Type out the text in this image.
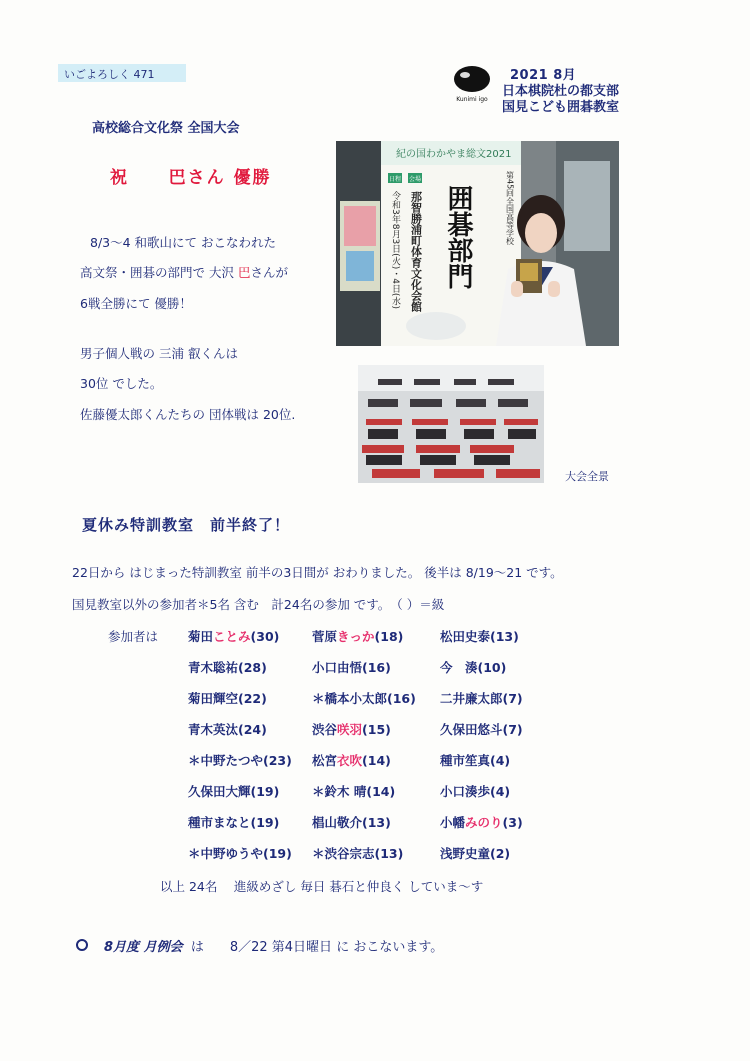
いごよろしく 471
Kunimi igo
2021 8月
日本棋院杜の都支部
国見こども囲碁教室
高校総合文化祭 全国大会
祝 巴さん 優勝
8/3～4 和歌山にて おこなわれた
高文祭・囲碁の部門で 大沢 巴さんが
6戦全勝にて 優勝！
男子個人戦の 三浦 叡くんは
30位 でした。
佐藤優太郎くんたちの 団体戦は 20位.
紀の国わかやま総文2021
日程 会場
令和3年8月3日(火)・4日(水) 那智勝浦町体育文化会館	第45回全国高等学校
囲碁部門
大会全景
夏休み特訓教室　前半終了！
22日から はじまった特訓教室 前半の3日間が おわりました。 後半は 8/19～21 です。
国見教室以外の参加者＊5名 含む　計24名の参加 です。　（ ）＝級
参加者は 菊田ことみ(30)	菅原きっか(18)	松田史泰(13)
青木聡祐(28)	小口由悟(16)	今　湊(10)
菊田輝空(22)	＊橋本小太郎(16) 二井廉太郎(7)
青木英汰(24)	渋谷咲羽(15)	久保田悠斗(7)
＊中野たつや(23) 松宮衣吹(14)	種市笙真(4)
久保田大輝(19)	＊鈴木 晴(14)	小口湊歩(4)
種市まなと(19)	椙山敬介(13)	小幡みのり(3)
＊中野ゆうや(19) ＊渋谷宗志(13)	浅野史童(2)
以上 24名　 進級めざし 毎日 碁石と仲良く していま～す
8月度 月例会 は　　8／22 第4日曜日 に おこないます。
